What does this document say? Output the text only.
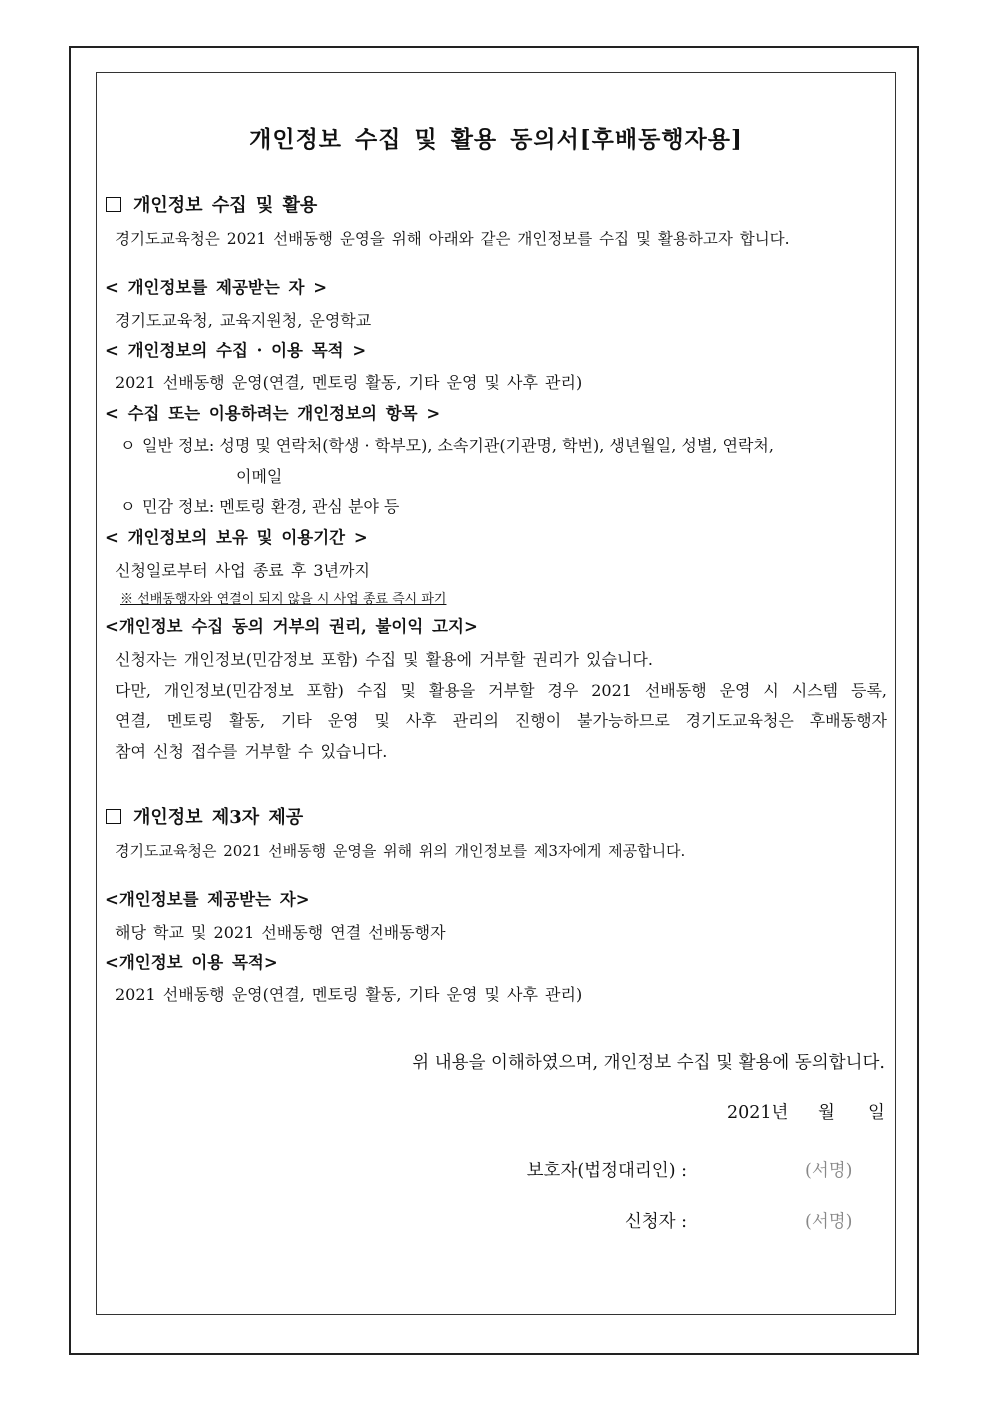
개인정보 수집 및 활용 동의서[후배동행자용]
개인정보 수집 및 활용
경기도교육청은 2021 선배동행 운영을 위해 아래와 같은 개인정보를 수집 및 활용하고자 합니다.
< 개인정보를 제공받는 자 >
경기도교육청, 교육지원청, 운영학교
< 개인정보의 수집 · 이용 목적 >
2021 선배동행 운영(연결, 멘토링 활동, 기타 운영 및 사후 관리)
< 수집 또는 이용하려는 개인정보의 항목 >
ㅇ 일반 정보: 성명 및 연락처(학생 · 학부모), 소속기관(기관명, 학번), 생년월일, 성별, 연락처,
이메일
ㅇ 민감 정보: 멘토링 환경, 관심 분야 등
< 개인정보의 보유 및 이용기간 >
신청일로부터 사업 종료 후 3년까지
※ 선배동행자와 연결이 되지 않을 시 사업 종료 즉시 파기
<개인정보 수집 동의 거부의 권리, 불이익 고지>
신청자는 개인정보(민감정보 포함) 수집 및 활용에 거부할 권리가 있습니다.
다만, 개인정보(민감정보 포함) 수집 및 활용을 거부할 경우 2021 선배동행 운영 시 시스템 등록,
연결, 멘토링 활동, 기타 운영 및 사후 관리의 진행이 불가능하므로 경기도교육청은 후배동행자
참여 신청 접수를 거부할 수 있습니다.
개인정보 제3자 제공
경기도교육청은 2021 선배동행 운영을 위해 위의 개인정보를 제3자에게 제공합니다.
<개인정보를 제공받는 자>
해당 학교 및 2021 선배동행 연결 선배동행자
<개인정보 이용 목적>
2021 선배동행 운영(연결, 멘토링 활동, 기타 운영 및 사후 관리)
위 내용을 이해하였으며, 개인정보 수집 및 활용에 동의합니다.
2021년 월 일
보호자(법정대리인) :	(서명)
신청자 :	(서명)
